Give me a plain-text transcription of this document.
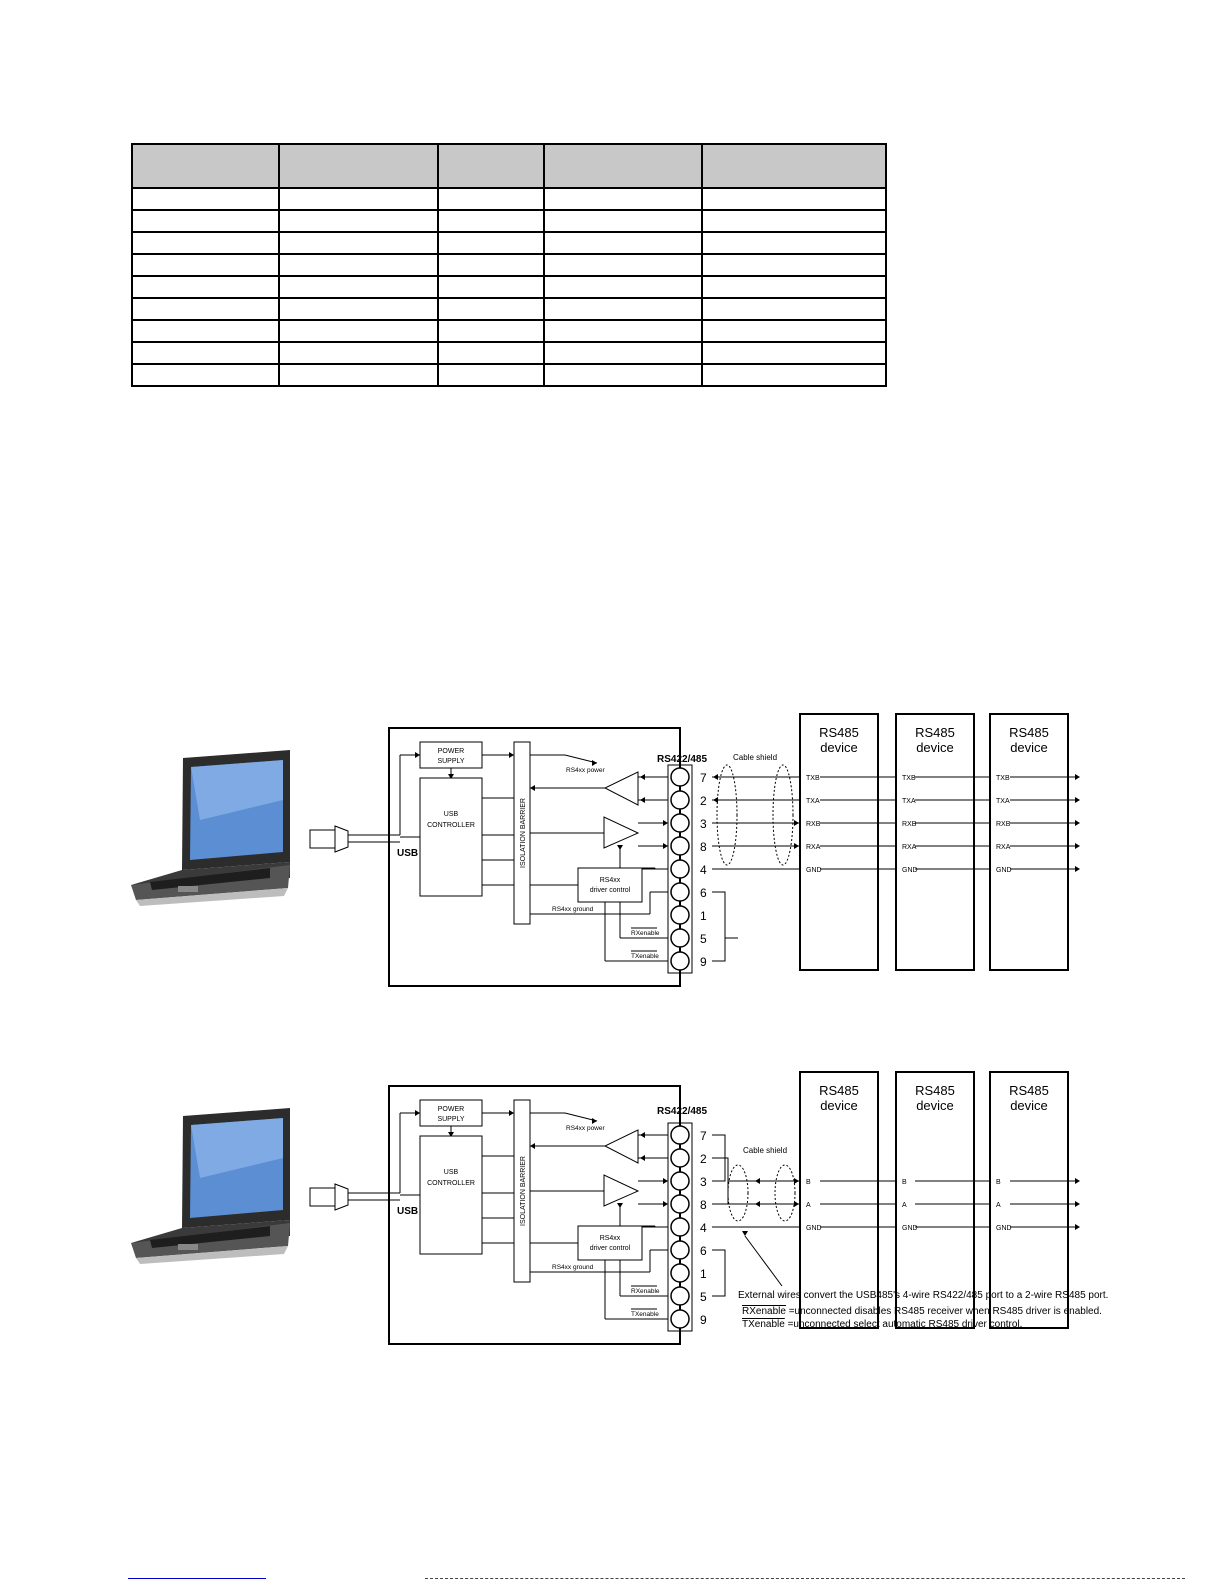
USB
POWER
SUPPLY
USB
CONTROLLER	ISOLATION BARRIER
RS4xx power
7
2
3
8
4
6
1
5
9
RS422/485
RS4xx
driver control
RS4xx ground
RXenable
TXenable
RS485
device
RS485
device
RS485
device
Cable shield
TXB	TXB	TXB
TXA	TXA	TXA
RXB	RXB	RXB
RXA	RXA	RXA
GND	GND	GND
USB
POWER
SUPPLY
USB
CONTROLLER	ISOLATION BARRIER
RS4xx power
7
2
3
8
4
6
1
5
9
RS422/485
RS4xx
driver control
RS4xx ground
RXenable
TXenable
RS485
device
RS485
device
RS485
device
Cable shield
B	B	B
A	A	A
GND	GND	GND
External wires convert the USB485's 4-wire RS422/485 port to a 2-wire RS485 port.
RXenable =unconnected disables RS485 receiver when RS485 driver is enabled.
TXenable =unconnected select automatic RS485 driver control.
